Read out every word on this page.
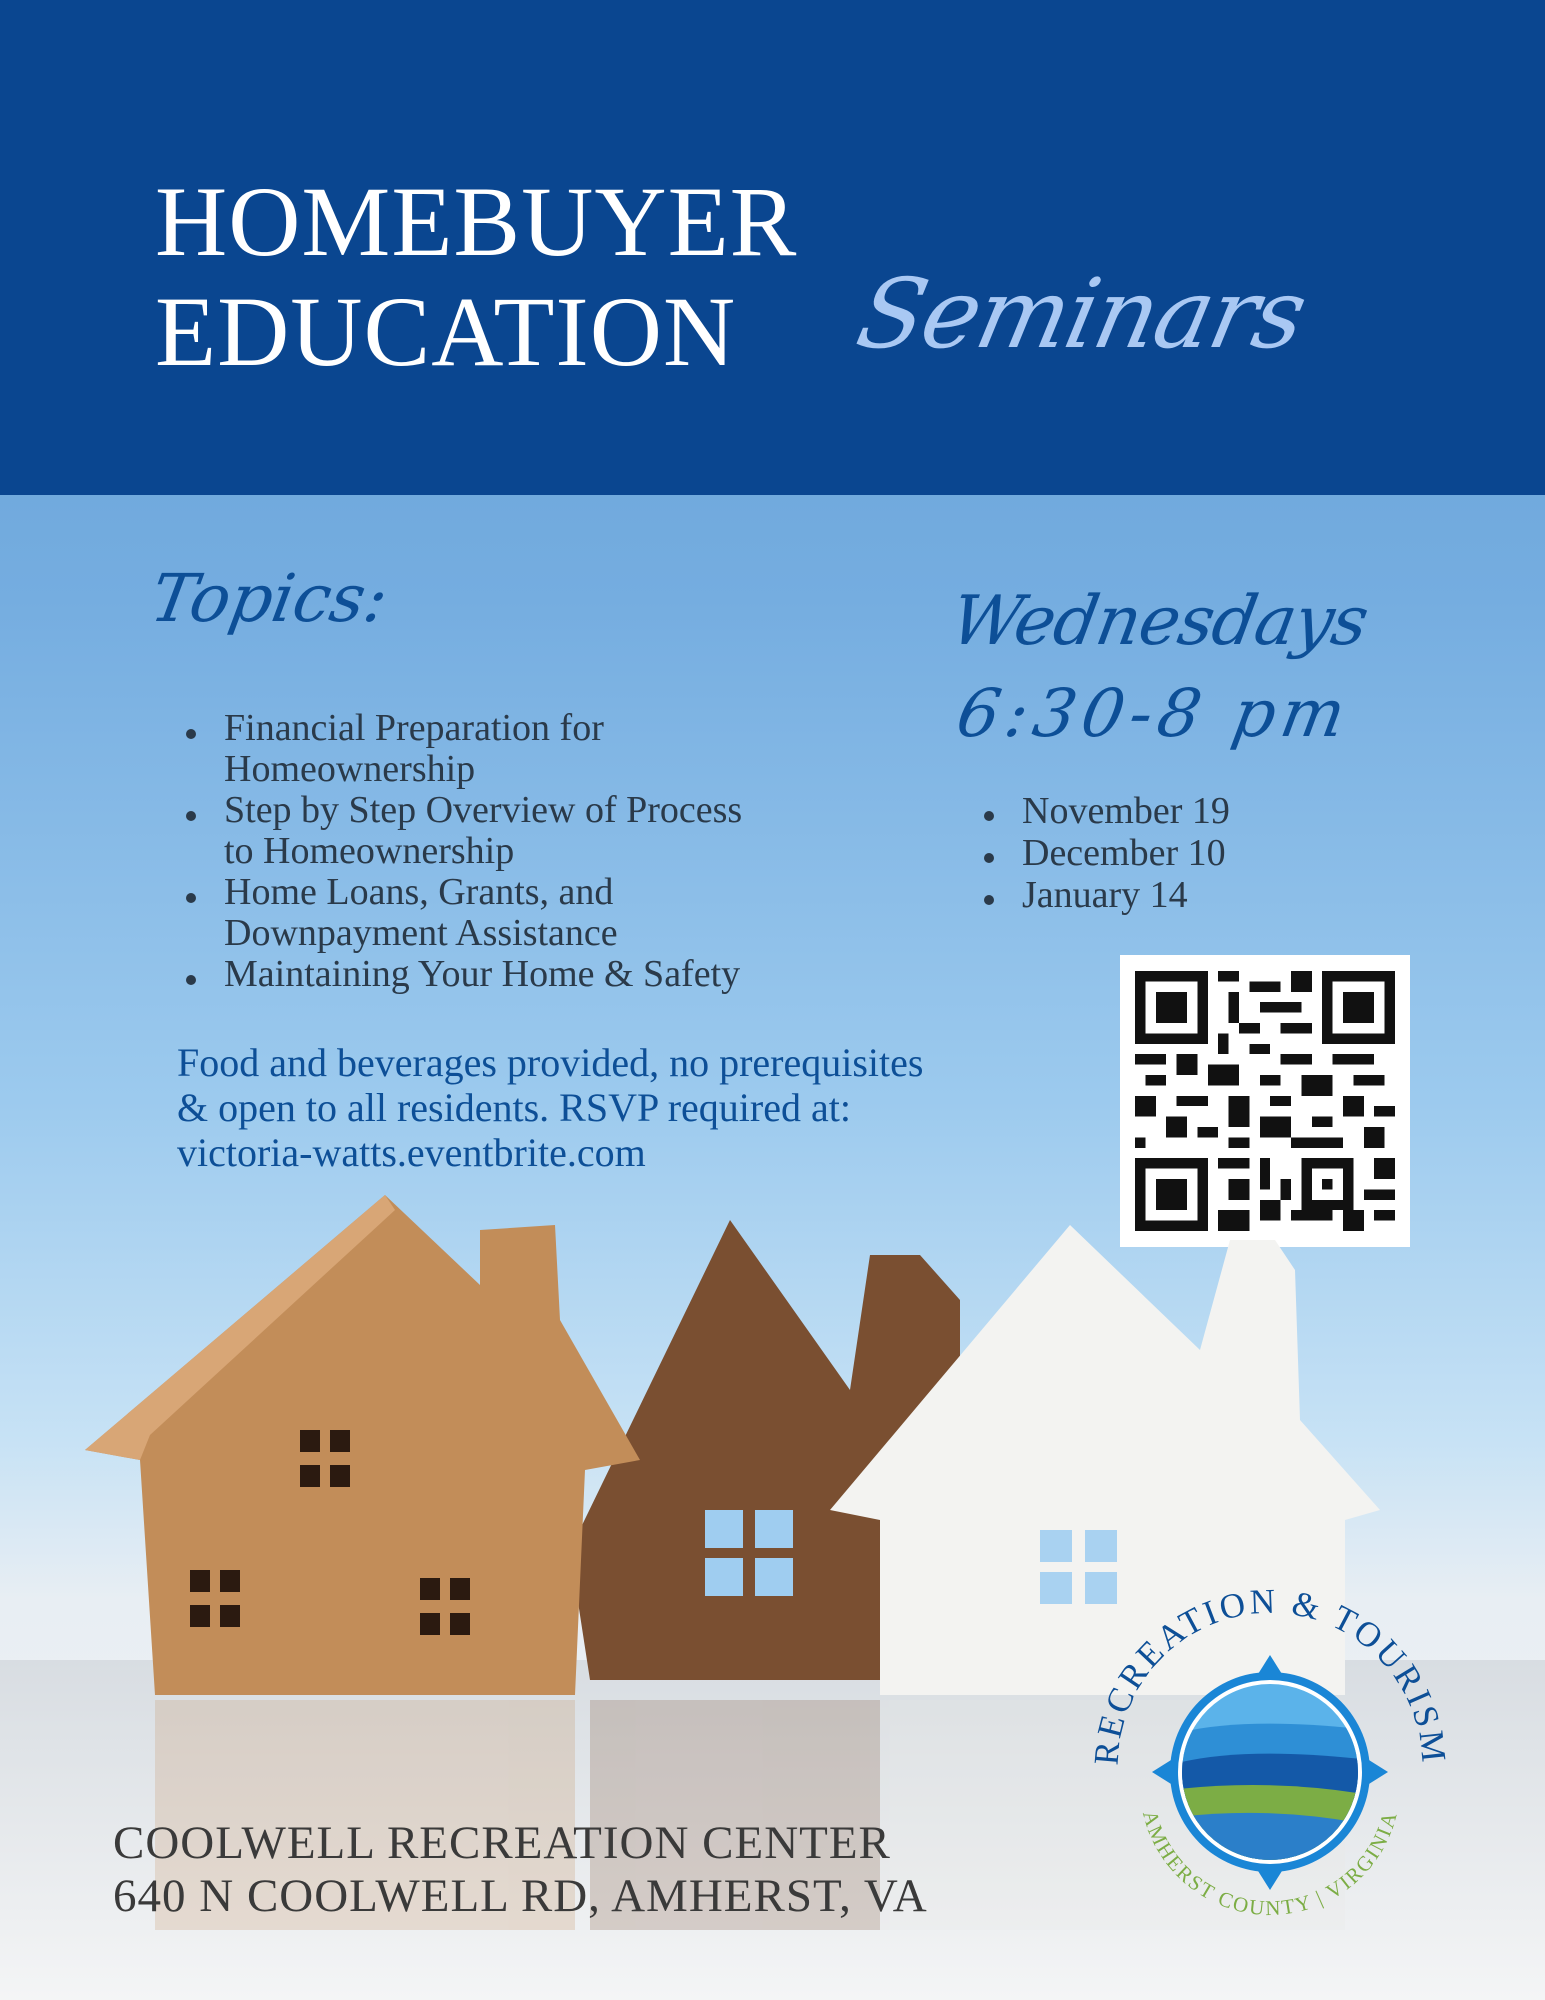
HOMEBUYER
EDUCATION Seminars
Topics:
Financial Preparation for
Homeownership
Step by Step Overview of Process
to Homeownership
Home Loans, Grants, and
Downpayment Assistance
Maintaining Your Home & Safety
Wednesdays
6:30-8 pm
November 19
December 10
January 14
Food and beverages provided, no prerequisites
& open to all residents. RSVP required at:
victoria-watts.eventbrite.com
COOLWELL RECREATION CENTER
640 N COOLWELL RD, AMHERST, VA
RECREATION & TOURISM
AMHERST COUNTY | VIRGINIA
